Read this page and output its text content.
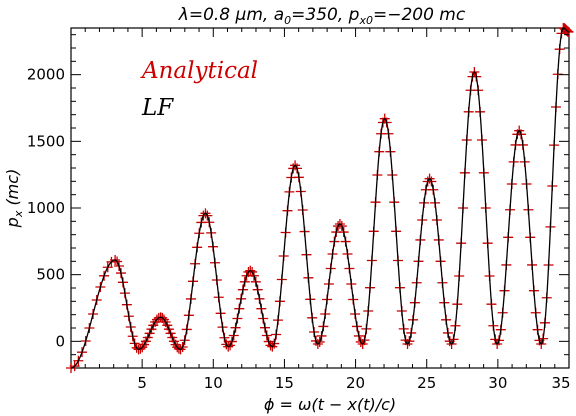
λ=0.8 μm, $a_0=350$, $p_{x0}=-200$ mc
5	10	15	20	25	30	35
0
500
1000
1500
2000	Analytical
LF
ϕ = ω(t − x(t)/c)
$p_x$ (mc)
